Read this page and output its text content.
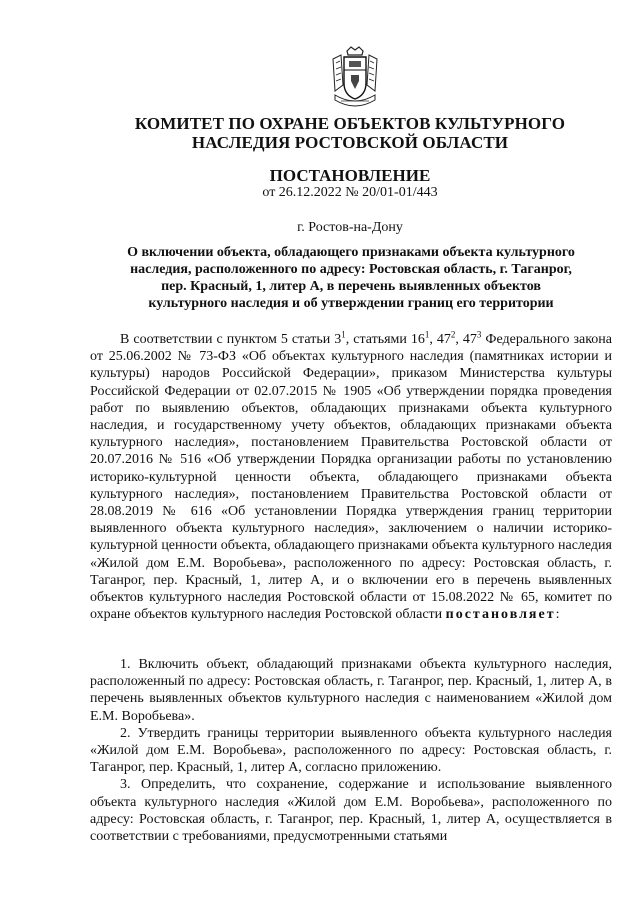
КОМИТЕТ ПО ОХРАНЕ ОБЪЕКТОВ КУЛЬТУРНОГО
НАСЛЕДИЯ РОСТОВСКОЙ ОБЛАСТИ
ПОСТАНОВЛЕНИЕ
от 26.12.2022 № 20/01-01/443
г. Ростов-на-Дону
О включении объекта, обладающего признаками объекта культурного
наследия, расположенного по адресу: Ростовская область, г. Таганрог,
пер. Красный, 1, литер А, в перечень выявленных объектов
культурного наследия и об утверждении границ его территории

В соответствии с пунктом 5 статьи $3^1$, статьями $16^1$, $47^2$, $47^3$ Федерального закона от 25.06.2002 № 73-ФЗ «Об объектах культурного наследия (памятниках истории и культуры) народов Российской Федерации», приказом Министерства культуры Российской Федерации от 02.07.2015 № 1905 «Об утверждении порядка проведения работ по выявлению объектов, обладающих признаками объекта культурного наследия, и государственному учету объектов, обладающих признаками объекта культурного наследия», постановлением Правительства Ростовской области от 20.07.2016 № 516 «Об утверждении Порядка организации работы по установлению историко-культурной ценности объекта, обладающего признаками объекта культурного наследия», постановлением Правительства Ростовской области от 28.08.2019 № 616 «Об установлении Порядка утверждения границ территории выявленного объекта культурного наследия», заключением о наличии историко-культурной ценности объекта, обладающего признаками объекта культурного наследия «Жилой дом Е.М. Воробьева», расположенного по адресу: Ростовская область, г. Таганрог, пер. Красный, 1, литер А, и о включении его в перечень выявленных объектов культурного наследия Ростовской области от 15.08.2022 № 65, комитет по охране объектов культурного наследия Ростовской области постановляет:

1. Включить объект, обладающий признаками объекта культурного наследия, расположенный по адресу: Ростовская область, г. Таганрог, пер. Красный, 1, литер А, в перечень выявленных объектов культурного наследия с наименованием «Жилой дом Е.М. Воробьева».

2. Утвердить границы территории выявленного объекта культурного наследия «Жилой дом Е.М. Воробьева», расположенного по адресу: Ростовская область, г. Таганрог, пер. Красный, 1, литер А, согласно приложению.

3. Определить, что сохранение, содержание и использование выявленного объекта культурного наследия «Жилой дом Е.М. Воробьева», расположенного по адресу: Ростовская область, г. Таганрог, пер. Красный, 1, литер А, осуществляется в соответствии с требованиями, предусмотренными статьями
